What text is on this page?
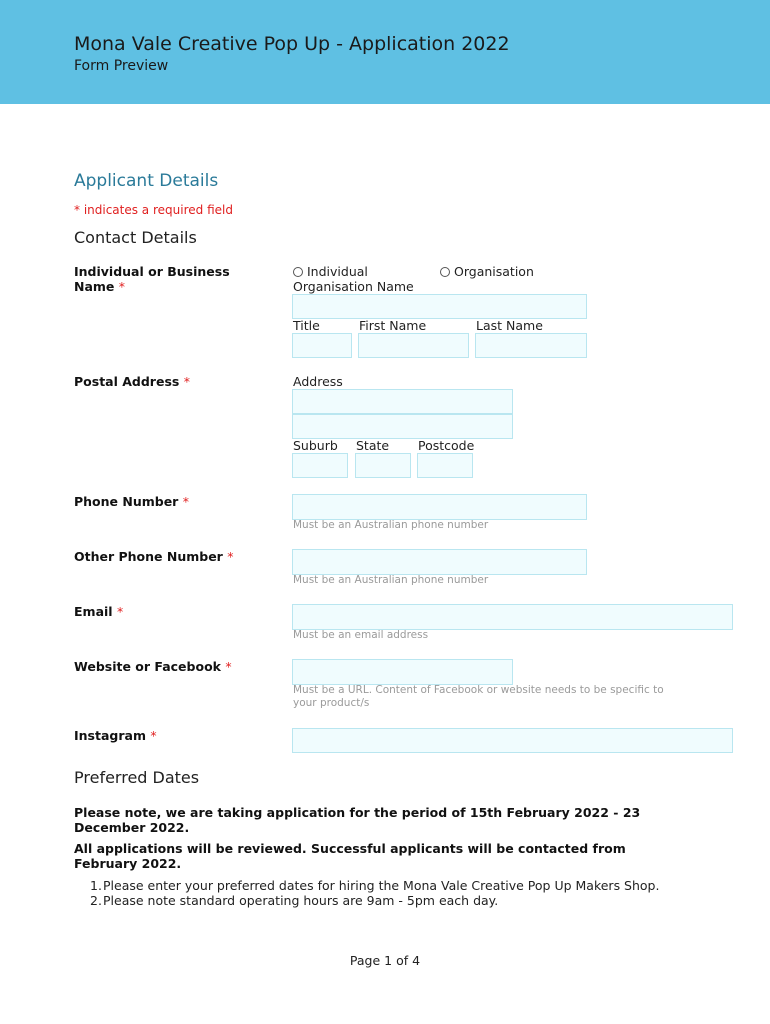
Mona Vale Creative Pop Up - Application 2022
Form Preview
Applicant Details
* indicates a required field
Contact Details
Individual or Business Name *
Individual	Organisation
Organisation Name
Title	First Name	Last Name
Postal Address *	Address
Suburb State Postcode
Phone Number *
Must be an Australian phone number
Other Phone Number *
Must be an Australian phone number
Email *
Must be an email address
Website or Facebook *
Must be a URL. Content of Facebook or website needs to be specific to your product/s
Instagram *
Preferred Dates
Please note, we are taking application for the period of 15th February 2022 - 23 December 2022.
All applications will be reviewed. Successful applicants will be contacted from February 2022.
1. Please enter your preferred dates for hiring the Mona Vale Creative Pop Up Makers Shop.
2. Please note standard operating hours are 9am - 5pm each day.
Page 1 of 4
